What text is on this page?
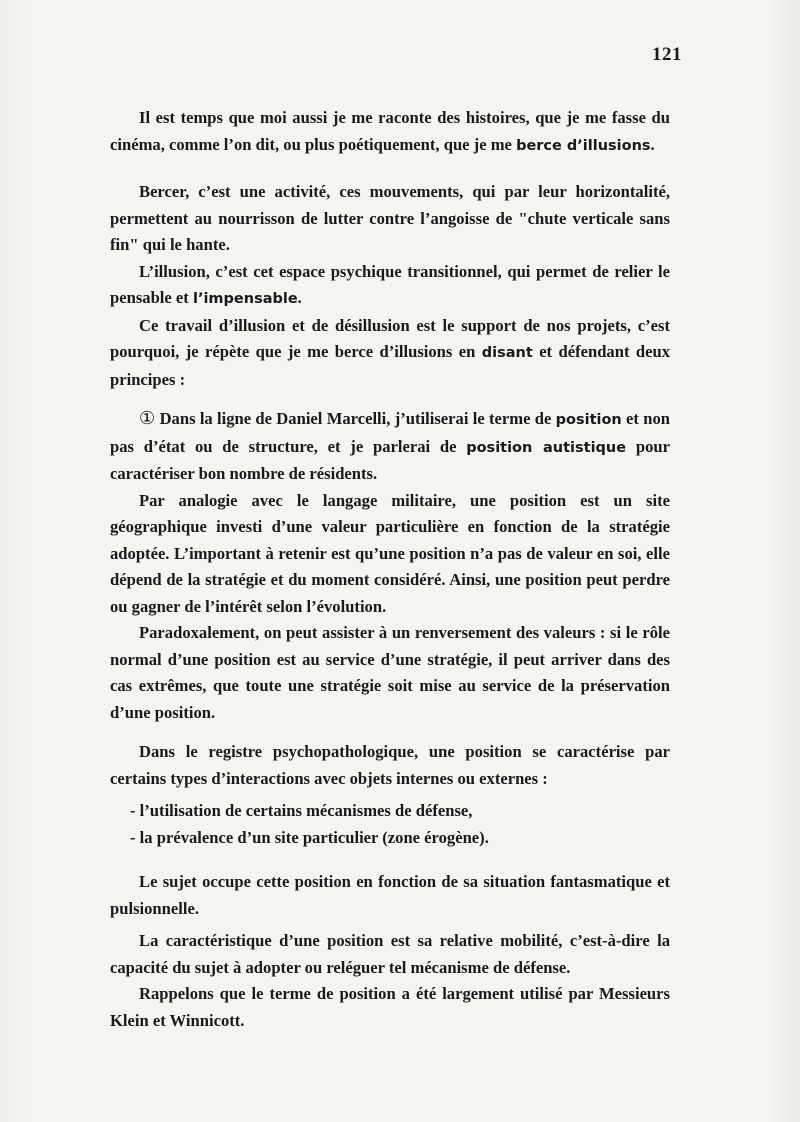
121

Il est temps que moi aussi je me raconte des histoires, que je me fasse du cinéma, comme l’on dit, ou plus poétiquement, que je me berce d’illusions.

Bercer, c’est une activité, ces mouvements, qui par leur horizontalité, permettent au nourrisson de lutter contre l’angoisse de "chute verticale sans fin" qui le hante.

L’illusion, c’est cet espace psychique transitionnel, qui permet de relier le pensable et l’impensable.

Ce travail d’illusion et de désillusion est le support de nos projets, c’est pourquoi, je répète que je me berce d’illusions en disant et défendant deux principes :

① Dans la ligne de Daniel Marcelli, j’utiliserai le terme de position et non pas d’état ou de structure, et je parlerai de position autistique pour caractériser bon nombre de résidents.

Par analogie avec le langage militaire, une position est un site géographique investi d’une valeur particulière en fonction de la stratégie adoptée. L’important à retenir est qu’une position n’a pas de valeur en soi, elle dépend de la stratégie et du moment considéré. Ainsi, une position peut perdre ou gagner de l’intérêt selon l’évolution.

Paradoxalement, on peut assister à un renversement des valeurs : si le rôle normal d’une position est au service d’une stratégie, il peut arriver dans des cas extrêmes, que toute une stratégie soit mise au service de la préservation d’une position.

Dans le registre psychopathologique, une position se caractérise par certains types d’interactions avec objets internes ou externes :

- l’utilisation de certains mécanismes de défense,
- la prévalence d’un site particulier (zone érogène).

Le sujet occupe cette position en fonction de sa situation fantasmatique et pulsionnelle.

La caractéristique d’une position est sa relative mobilité, c’est-à-dire la capacité du sujet à adopter ou reléguer tel mécanisme de défense.

Rappelons que le terme de position a été largement utilisé par Messieurs Klein et Winnicott.
